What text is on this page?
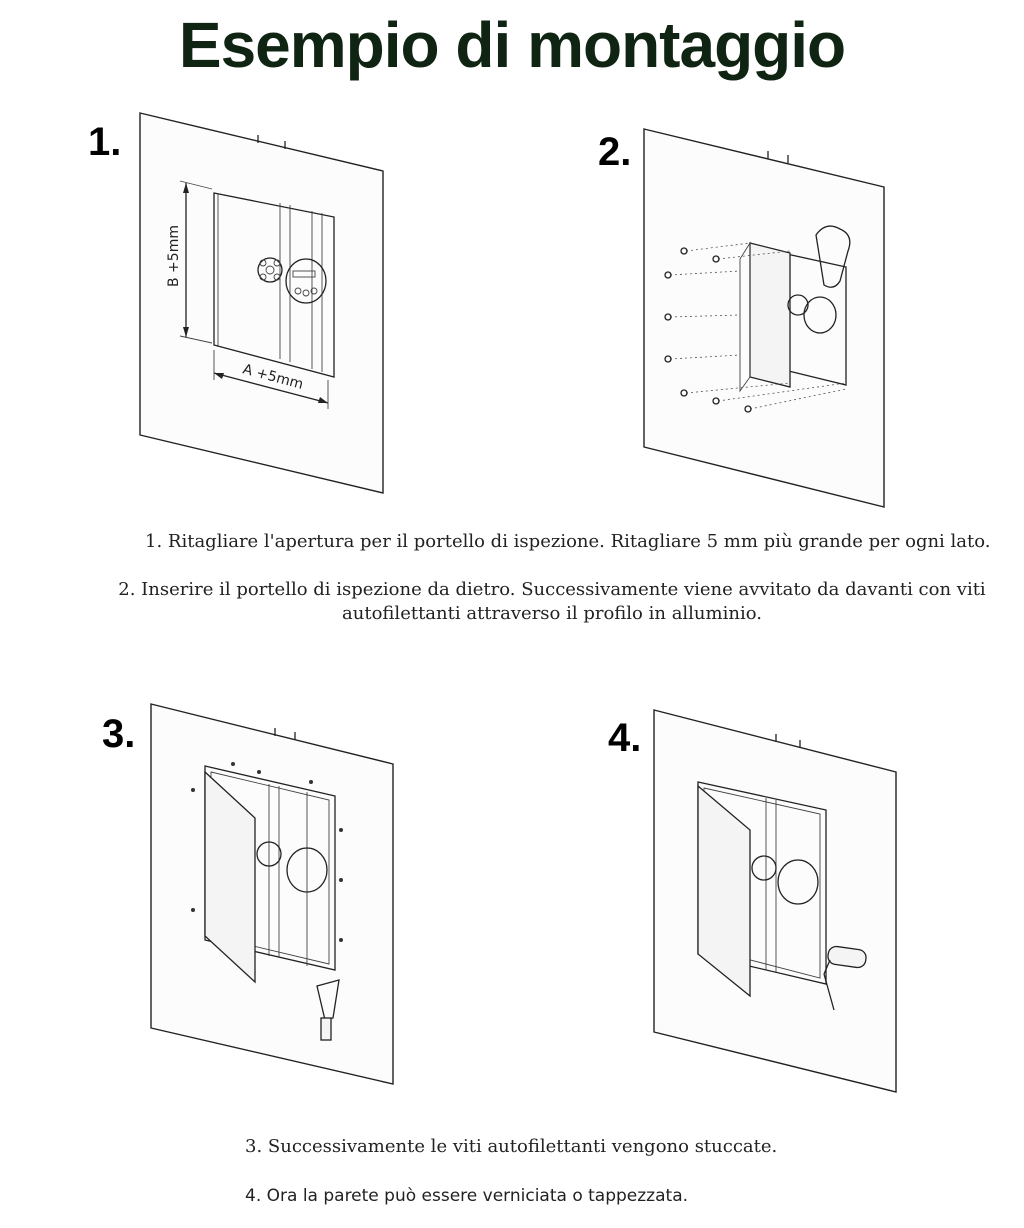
Esempio di montaggio
1.
B +5mm
A +5mm
2.
1. Ritagliare l'apertura per il portello di ispezione. Ritagliare 5 mm più grande per ogni lato.
2. Inserire il portello di ispezione da dietro. Successivamente viene avvitato da davanti con viti
autofilettanti attraverso il profilo in alluminio.
3.	4.
3. Successivamente le viti autofilettanti vengono stuccate.
4. Ora la parete può essere verniciata o tappezzata.
